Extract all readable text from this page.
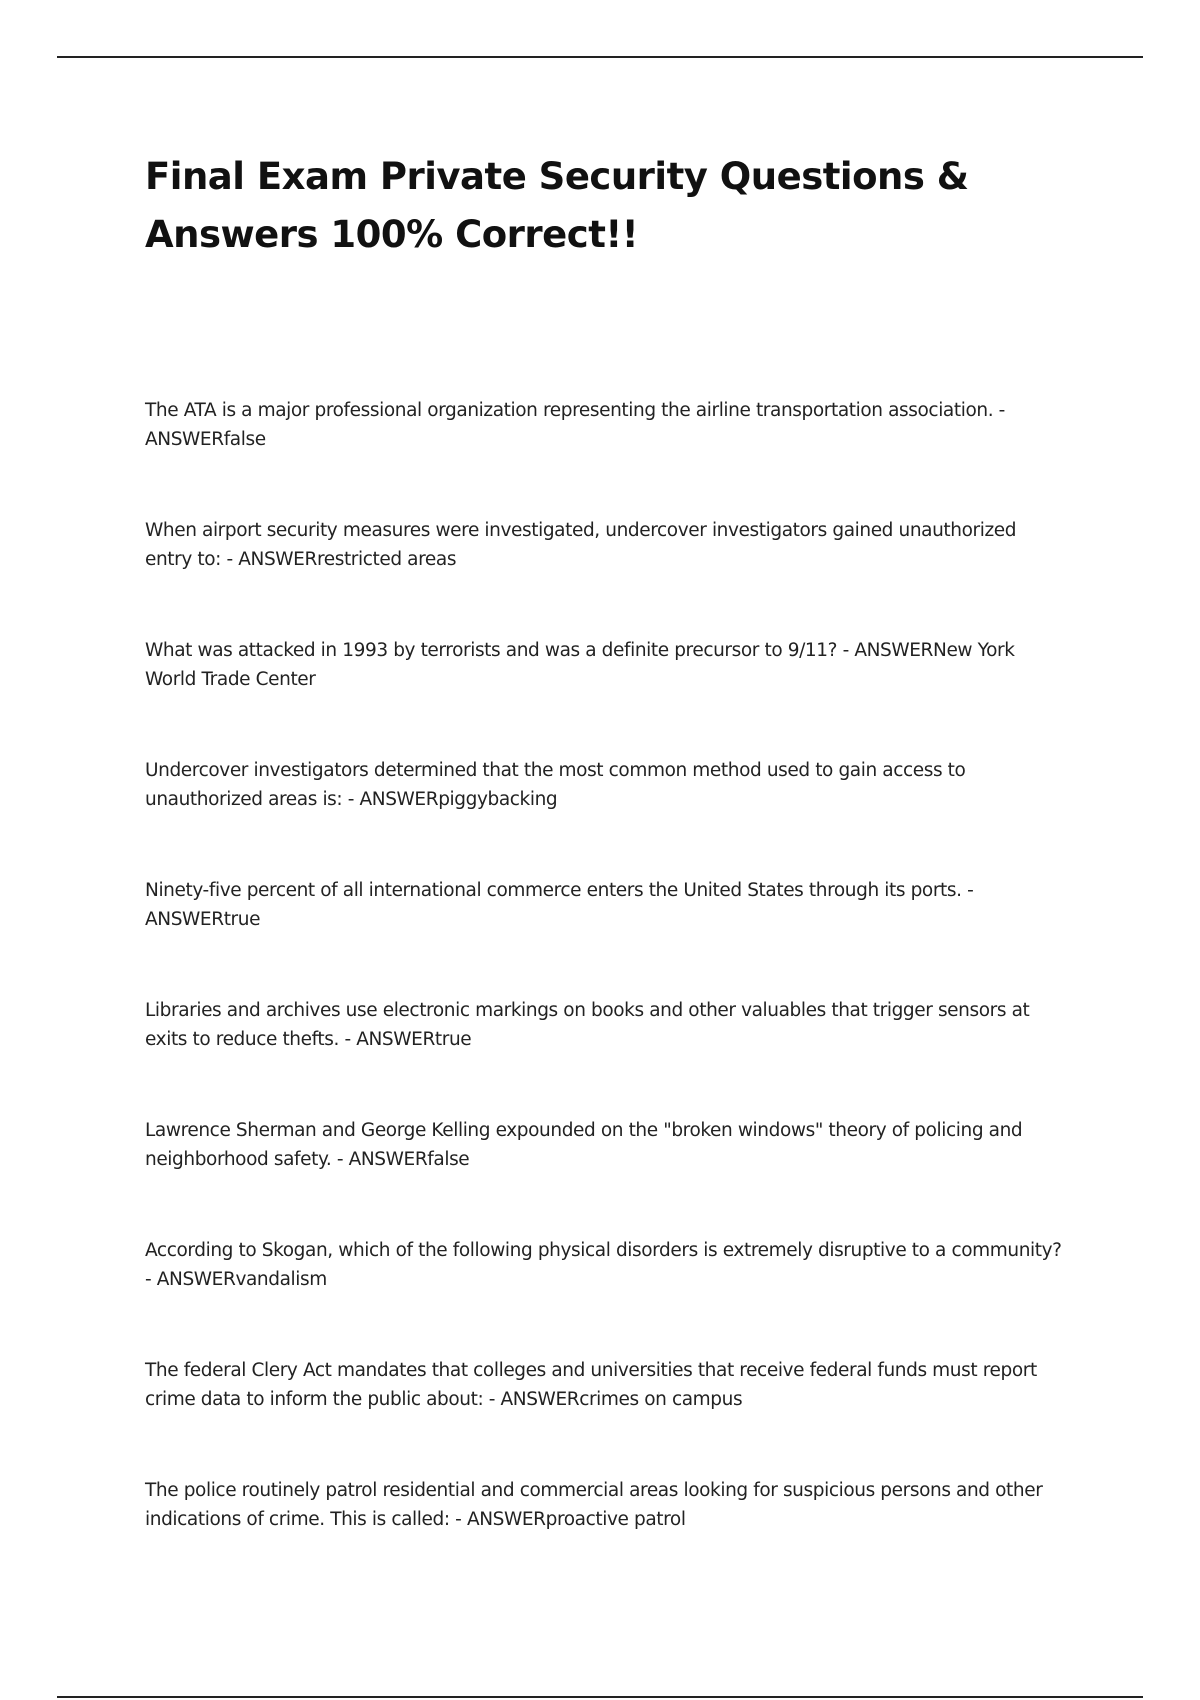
Final Exam Private Security Questions & Answers 100% Correct!!

The ATA is a major professional organization representing the airline transportation association. - ANSWERfalse

When airport security measures were investigated, undercover investigators gained unauthorized entry to: - ANSWERrestricted areas

What was attacked in 1993 by terrorists and was a definite precursor to 9/11? - ANSWERNew York World Trade Center

Undercover investigators determined that the most common method used to gain access to unauthorized areas is: - ANSWERpiggybacking

Ninety-five percent of all international commerce enters the United States through its ports. - ANSWERtrue

Libraries and archives use electronic markings on books and other valuables that trigger sensors at exits to reduce thefts. - ANSWERtrue

Lawrence Sherman and George Kelling expounded on the "broken windows" theory of policing and neighborhood safety. - ANSWERfalse

According to Skogan, which of the following physical disorders is extremely disruptive to a community? - ANSWERvandalism

The federal Clery Act mandates that colleges and universities that receive federal funds must report crime data to inform the public about: - ANSWERcrimes on campus

The police routinely patrol residential and commercial areas looking for suspicious persons and other indications of crime. This is called: - ANSWERproactive patrol
